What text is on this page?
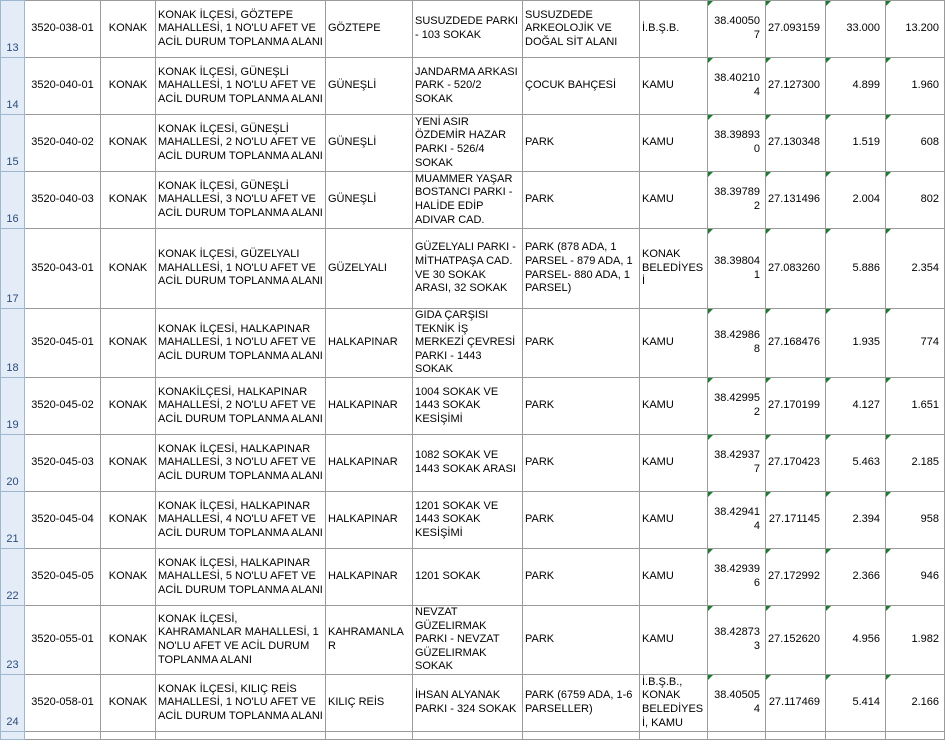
13	3520-038-01	KONAK	KONAK İLÇESİ, GÖZTEPE MAHALLESİ, 1 NO'LU AFET VE ACİL DURUM TOPLANMA ALANI	GÖZTEPE	SUSUZDEDE PARKI - 103 SOKAK	SUSUZDEDE ARKEOLOJİK VE DOĞAL SİT ALANI	İ.B.Ş.B.	38.400507	27.093159	33.000	13.200
14	3520-040-01	KONAK	KONAK İLÇESİ, GÜNEŞLİ MAHALLESİ, 1 NO'LU AFET VE ACİL DURUM TOPLANMA ALANI	GÜNEŞLİ	JANDARMA ARKASI PARK - 520/2 SOKAK	ÇOCUK BAHÇESİ	KAMU	38.402104	27.127300	4.899	1.960
15	3520-040-02	KONAK	KONAK İLÇESİ, GÜNEŞLİ MAHALLESİ, 2 NO'LU AFET VE ACİL DURUM TOPLANMA ALANI	GÜNEŞLİ	YENİ ASIR ÖZDEMİR HAZAR PARKI - 526/4 SOKAK	PARK	KAMU	38.398930	27.130348	1.519	608
16	3520-040-03	KONAK	KONAK İLÇESİ, GÜNEŞLİ MAHALLESİ, 3 NO'LU AFET VE ACİL DURUM TOPLANMA ALANI	GÜNEŞLİ	MUAMMER YAŞAR BOSTANCI PARKI - HALİDE EDİP ADIVAR CAD.	PARK	KAMU	38.397892	27.131496	2.004	802
17	3520-043-01	KONAK	KONAK İLÇESİ, GÜZELYALI MAHALLESİ, 1 NO'LU AFET VE ACİL DURUM TOPLANMA ALANI	GÜZELYALI	GÜZELYALI PARKI - MİTHATPAŞA CAD. VE 30 SOKAK ARASI, 32 SOKAK	PARK (878 ADA, 1 PARSEL - 879 ADA, 1 PARSEL- 880 ADA, 1 PARSEL)	KONAK BELEDİYESİ	38.398041	27.083260	5.886	2.354
18	3520-045-01	KONAK	KONAK İLÇESİ, HALKAPINAR MAHALLESİ, 1 NO'LU AFET VE ACİL DURUM TOPLANMA ALANI	HALKAPINAR	GIDA ÇARŞISI TEKNİK İŞ MERKEZİ ÇEVRESİ PARKI - 1443 SOKAK	PARK	KAMU	38.429868	27.168476	1.935	774
19	3520-045-02	KONAK	KONAKİLÇESİ, HALKAPINAR MAHALLESİ, 2 NO'LU AFET VE ACİL DURUM TOPLANMA ALANI	HALKAPINAR	1004 SOKAK VE 1443 SOKAK KESİŞİMİ	PARK	KAMU	38.429952	27.170199	4.127	1.651
20	3520-045-03	KONAK	KONAK İLÇESİ, HALKAPINAR MAHALLESİ, 3 NO'LU AFET VE ACİL DURUM TOPLANMA ALANI	HALKAPINAR	1082 SOKAK VE 1443 SOKAK ARASI	PARK	KAMU	38.429377	27.170423	5.463	2.185
21	3520-045-04	KONAK	KONAK İLÇESİ, HALKAPINAR MAHALLESİ, 4 NO'LU AFET VE ACİL DURUM TOPLANMA ALANI	HALKAPINAR	1201 SOKAK VE 1443 SOKAK KESİŞİMİ	PARK	KAMU	38.429414	27.171145	2.394	958
22	3520-045-05	KONAK	KONAK İLÇESİ, HALKAPINAR MAHALLESİ, 5 NO'LU AFET VE ACİL DURUM TOPLANMA ALANI	HALKAPINAR	1201 SOKAK	PARK	KAMU	38.429396	27.172992	2.366	946
23	3520-055-01	KONAK	KONAK İLÇESİ, KAHRAMANLAR MAHALLESİ, 1 NO'LU AFET VE ACİL DURUM TOPLANMA ALANI	KAHRAMANLAR	NEVZAT GÜZELIRMAK PARKI - NEVZAT GÜZELIRMAK SOKAK	PARK	KAMU	38.428733	27.152620	4.956	1.982
24	3520-058-01	KONAK	KONAK İLÇESİ, KILIÇ REİS MAHALLESİ, 1 NO'LU AFET VE ACİL DURUM TOPLANMA ALANI	KILIÇ REİS	İHSAN ALYANAK PARKI - 324 SOKAK	PARK (6759 ADA, 1-6 PARSELLER)	İ.B.Ş.B., KONAK BELEDİYESİ, KAMU	38.405054	27.117469	5.414	2.166
